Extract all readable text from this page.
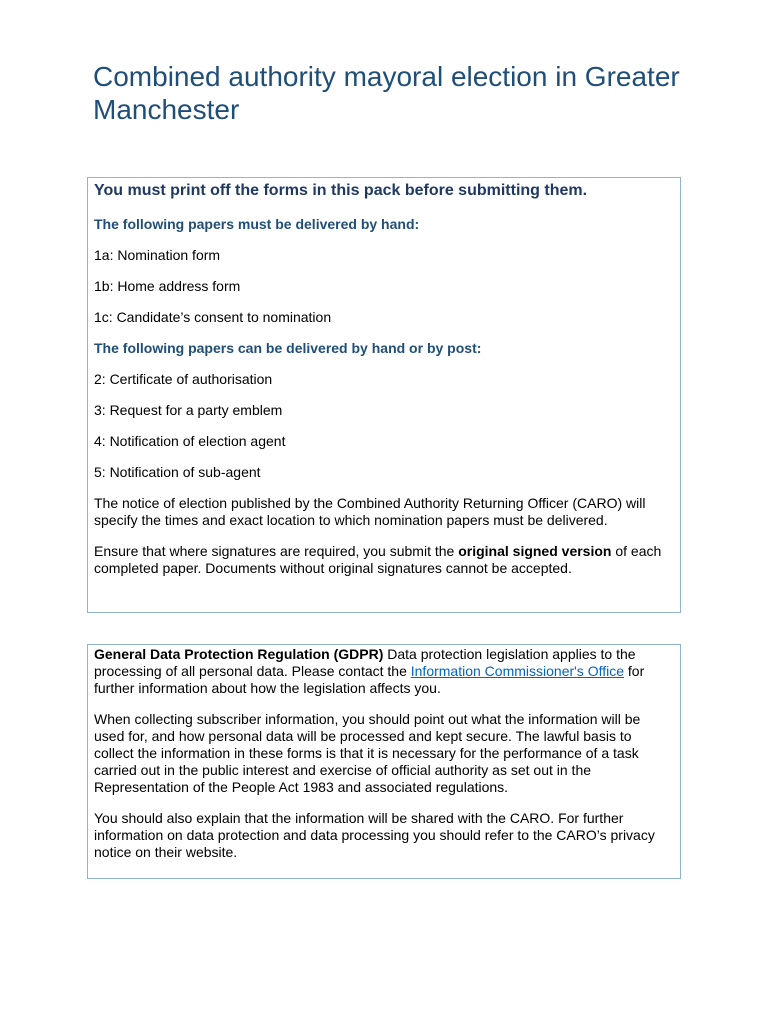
Combined authority mayoral election in Greater Manchester

You must print off the forms in this pack before submitting them.

The following papers must be delivered by hand:

1a: Nomination form

1b: Home address form

1c: Candidate’s consent to nomination

The following papers can be delivered by hand or by post:

2: Certificate of authorisation

3: Request for a party emblem

4: Notification of election agent

5: Notification of sub-agent

The notice of election published by the Combined Authority Returning Officer (CARO) will specify the times and exact location to which nomination papers must be delivered.

Ensure that where signatures are required, you submit the original signed version of each completed paper. Documents without original signatures cannot be accepted.

General Data Protection Regulation (GDPR) Data protection legislation applies to the processing of all personal data. Please contact the Information Commissioner's Office for further information about how the legislation affects you.

When collecting subscriber information, you should point out what the information will be used for, and how personal data will be processed and kept secure. The lawful basis to collect the information in these forms is that it is necessary for the performance of a task carried out in the public interest and exercise of official authority as set out in the Representation of the People Act 1983 and associated regulations.

You should also explain that the information will be shared with the CARO. For further information on data protection and data processing you should refer to the CARO’s privacy notice on their website.
